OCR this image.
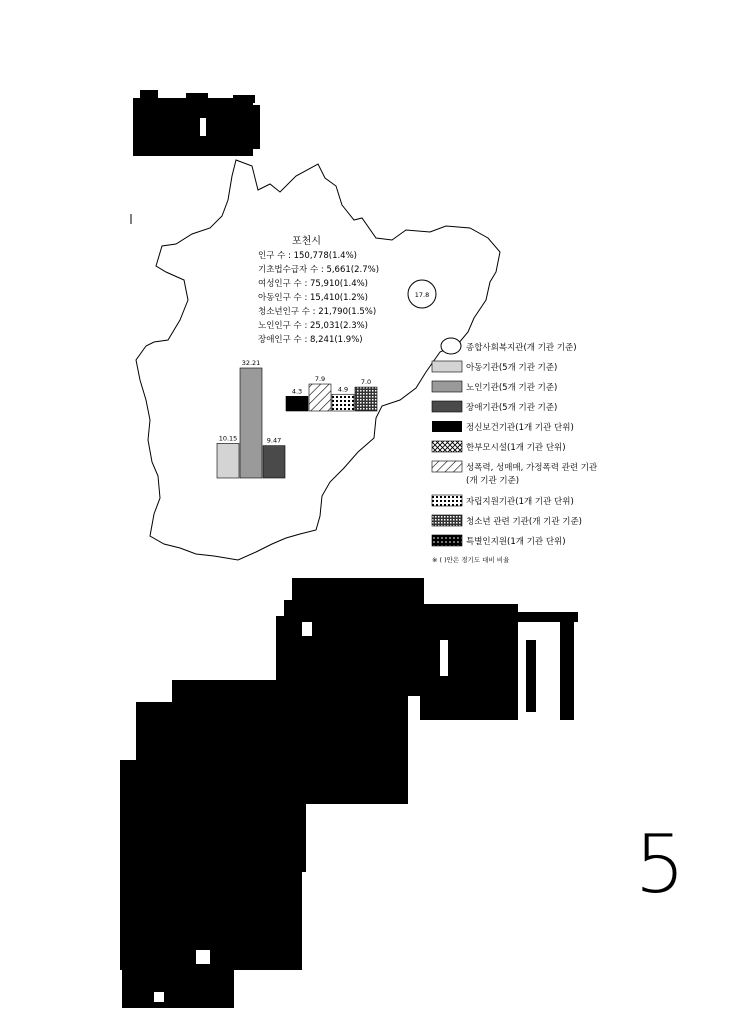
포천시
인구 수 : 150,778(1.4%)
기초법수급자 수 : 5,661(2.7%)
여성인구 수 : 75,910(1.4%)
아동인구 수 : 15,410(1.2%)
청소년인구 수 : 21,790(1.5%)
노인인구 수 : 25,031(2.3%)
장애인구 수 : 8,241(1.9%)
17.8
10.15
32.21
9.47
4.3
7.9
4.9
7.0
종합사회복지관(개 기관 기준)
아동기관(5개 기관 기준)
노인기관(5개 기관 기준)
장애기관(5개 기관 기준)
정신보건기관(1개 기관 단위)
한부모시설(1개 기관 단위)
성폭력, 성매매, 가정폭력 관련 기관
(개 기관 기준)
자립지원기관(1개 기관 단위)
청소년 관련 기관(개 기관 기준)
특별인지원(1개 기관 단위)
※ ( )안은 경기도 대비 비율
5
